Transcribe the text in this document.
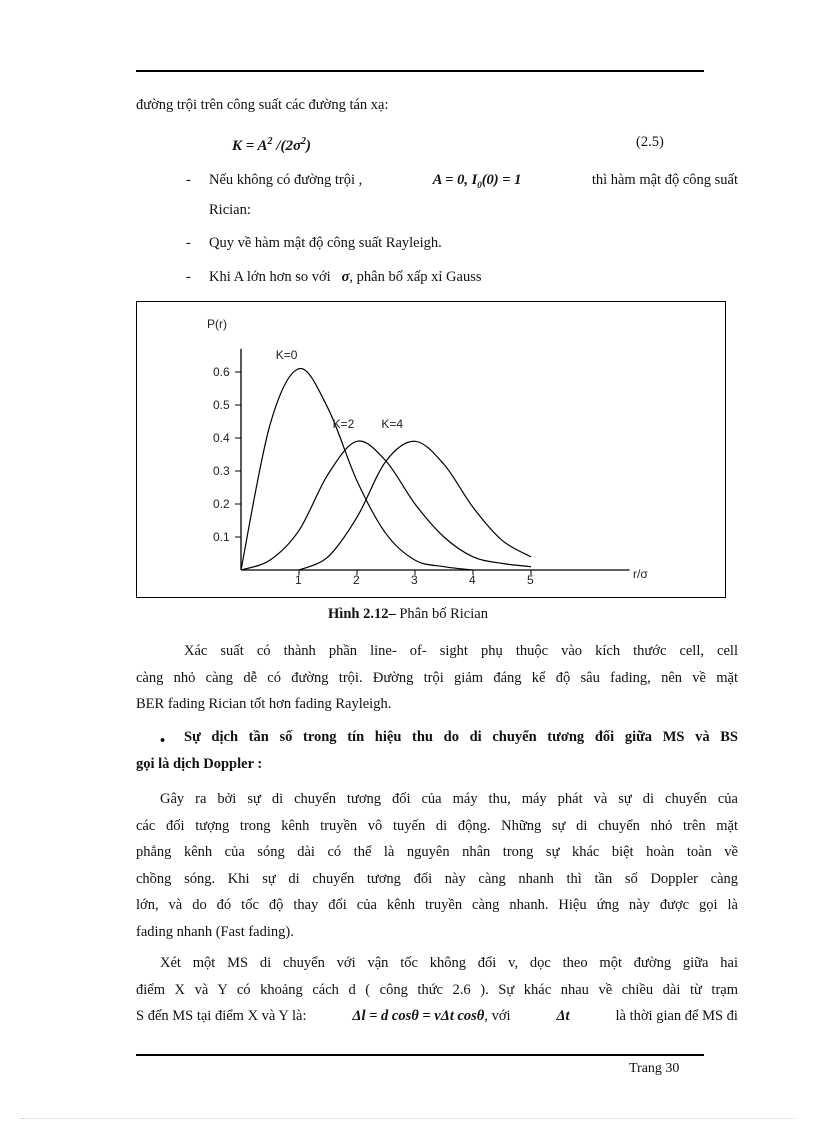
đường trội trên công suất các đường tán xạ:
$K = A^2$ $/(2\sigma^2)$	(2.5)
- Nếu không có đường trội ,	A = 0, $I_0(0) = 1$	thì hàm mật độ công suất
Rician:
- Quy về hàm mật độ công suất Rayleigh.
- Khi A lớn hơn so với σ, phân bố xấp xỉ Gauss
P(r)
r/σ
1	2	3	4	5
0.6
0.5
0.4
0.3
0.2
0.1
K=0
K=2 K=4
Hình 2.12– Phân bố Rician
Xác suất có thành phần line- of- sight phụ thuộc vào kích thước cell, cell
càng nhỏ càng dễ có đường trội. Đường trội giảm đáng kể độ sâu fading, nên về mặt
BER fading Rician tốt hơn fading Rayleigh.
•	Sự dịch tần số trong tín hiệu thu do di chuyển tương đối giữa MS và BS
gọi là dịch Doppler :
Gây ra bởi sự di chuyển tương đối của máy thu, máy phát và sự di chuyển của
các đối tượng trong kênh truyền vô tuyến di động. Những sự di chuyển nhỏ trên mặt
phẳng kênh của sóng dài có thể là nguyên nhân trong sự khác biệt hoàn toàn về
chồng sóng. Khi sự di chuyển tương đối này càng nhanh thì tần số Doppler càng
lớn, và do đó tốc độ thay đổi của kênh truyền càng nhanh. Hiệu ứng này được gọi là
fading nhanh (Fast fading).
Xét một MS di chuyển với vận tốc không đổi v, dọc theo một đường giữa hai
điểm X và Y có khoảng cách d ( công thức 2.6 ). Sự khác nhau về chiều dài từ trạm
S đến MS tại điểm X và Y là:	Δl = d cosθ = vΔt cosθ, với	Δt	là thời gian để MS đi
Trang 30
